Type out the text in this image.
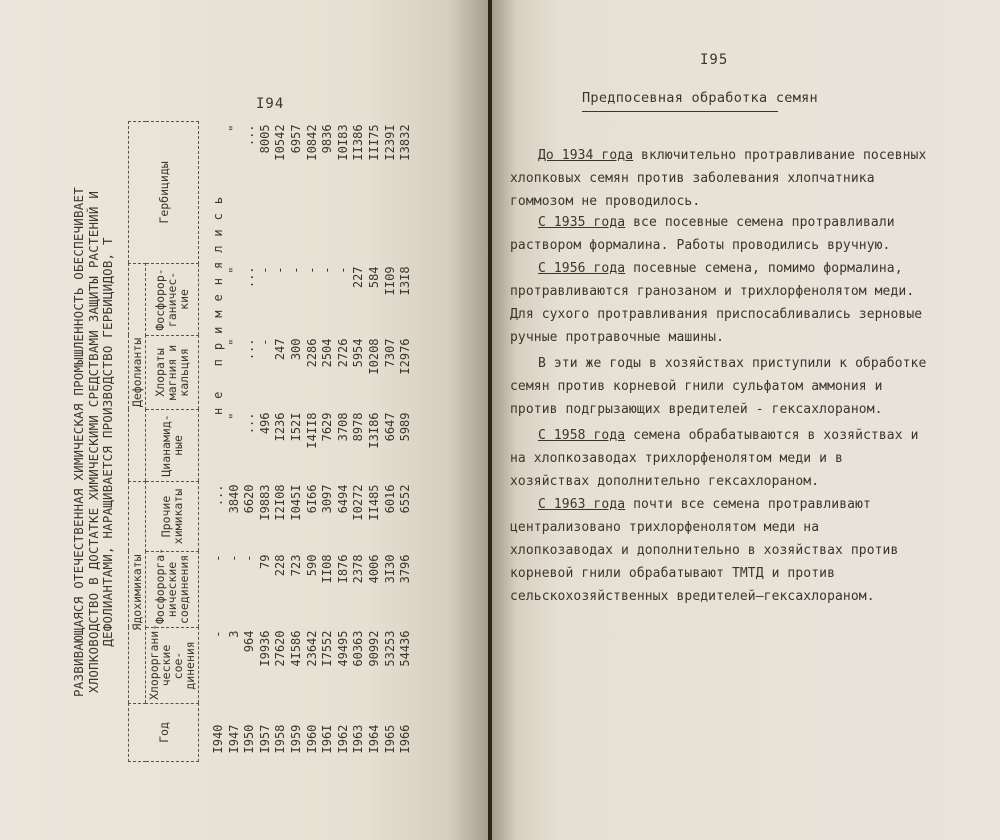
I94
РАЗВИВАЮЩАЯСЯ ОТЕЧЕСТВЕННАЯ ХИМИЧЕСКАЯ ПРОМЫШЛЕННОСТЬ ОБЕСПЕЧИВАЕТ ХЛОПКОВОДСТВО В ДОСТАТКЕ ХИМИЧЕСКИМИ СРЕДСТВАМИ ЗАЩИТЫ РАСТЕНИЙ И ДЕФОЛИАНТАМИ, НАРАЩИВАЕТСЯ ПРОИЗВОДСТВО ГЕРБИЦИДОВ, Т
Год	Ядохимикаты			Дефолианты			Гербициды
	Хлороргани-ческие сое-динения	Фосфорорга-нические соединения	Прочие химикаты	Цианамид-ные	Хлораты магния и кальция	Фосфорор-ганичес-кие	
I940	-	-	...	не применялись			
I947	3	-	3840	"	"	"	"
I950	964	-	6620	...	...	...	...
I957	I9936	79	I9883	496	-	-	8005
I958	27620	228	I2I08	I236	247	-	I0542
I959	4I586	723	I045I	I52I	300	-	6957
I960	23642	590	6I66	I4II8	2286	-	I0842
I96I	I7552	II08	3097	7629	2504	-	9836
I962	49495	I876	6494	3708	2726	-	I0I83
I963	60363	2378	I0272	8978	5954	227	II386
I964	90992	4006	II485	I3I86	I0208	584	III75
I965	53253	3I30	6016	6647	7307	II09	I239I
I966	54436	3796	6552	5989	I2976	I3I8	I3832
I95
Предпосевная обработка семян

До 1934 года включительно протравливание посевных хлопковых семян против заболевания хлопчатника гоммозом не проводилось.

С 1935 года все посевные семена протравливали раствором формалина. Работы проводились вручную.

С 1956 года посевные семена, помимо формалина, протравливаются гранозаном и трихлорфенолятом меди. Для сухого протравливания приспосабливались зерновые ручные протравочные машины.

В эти же годы в хозяйствах приступили к обработке семян против корневой гнили сульфатом аммония и против подгрызающих вредителей - гексахлораном.

С 1958 года семена обрабатываются в хозяйствах и на хлопкозаводах трихлорфенолятом меди и в хозяйствах дополнительно гексахлораном.

С 1963 года почти все семена протравливают централизовано трихлорфенолятом меди на хлопкозаводах и дополнительно в хозяйствах против корневой гнили обрабатывают ТМТД и против сельскохозяйственных вредителей—гексахлораном.
